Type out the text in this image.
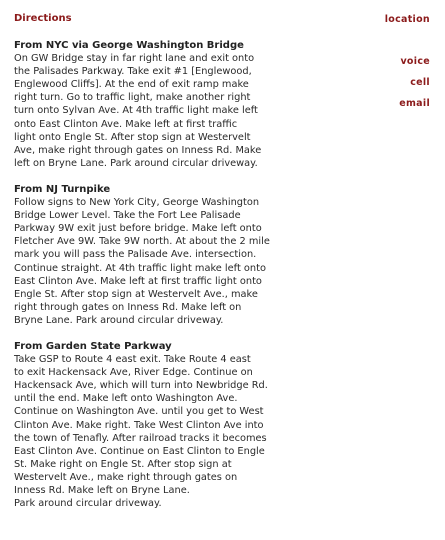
Directions	location
voice
cell
email
From NYC via George Washington Bridge

On GW Bridge stay in far right lane and exit onto

the Palisades Parkway. Take exit #1 [Englewood,

Englewood Cliffs]. At the end of exit ramp make

right turn. Go to traffic light, make another right

turn onto Sylvan Ave. At 4th traffic light make left

onto East Clinton Ave. Make left at first traffic

light onto Engle St. After stop sign at Westervelt

Ave, make right through gates on Inness Rd. Make

left on Bryne Lane. Park around circular driveway.

From NJ Turnpike

Follow signs to New York City, George Washington

Bridge Lower Level. Take the Fort Lee Palisade

Parkway 9W exit just before bridge. Make left onto

Fletcher Ave 9W. Take 9W north. At about the 2 mile

mark you will pass the Palisade Ave. intersection.

Continue straight. At 4th traffic light make left onto

East Clinton Ave. Make left at first traffic light onto

Engle St. After stop sign at Westervelt Ave., make

right through gates on Inness Rd. Make left on

Bryne Lane. Park around circular driveway.

From Garden State Parkway

Take GSP to Route 4 east exit. Take Route 4 east

to exit Hackensack Ave, River Edge. Continue on

Hackensack Ave, which will turn into Newbridge Rd.

until the end. Make left onto Washington Ave.

Continue on Washington Ave. until you get to West

Clinton Ave. Make right. Take West Clinton Ave into

the town of Tenafly. After railroad tracks it becomes

East Clinton Ave. Continue on East Clinton to Engle

St. Make right on Engle St. After stop sign at

Westervelt Ave., make right through gates on

Inness Rd. Make left on Bryne Lane.

Park around circular driveway.
